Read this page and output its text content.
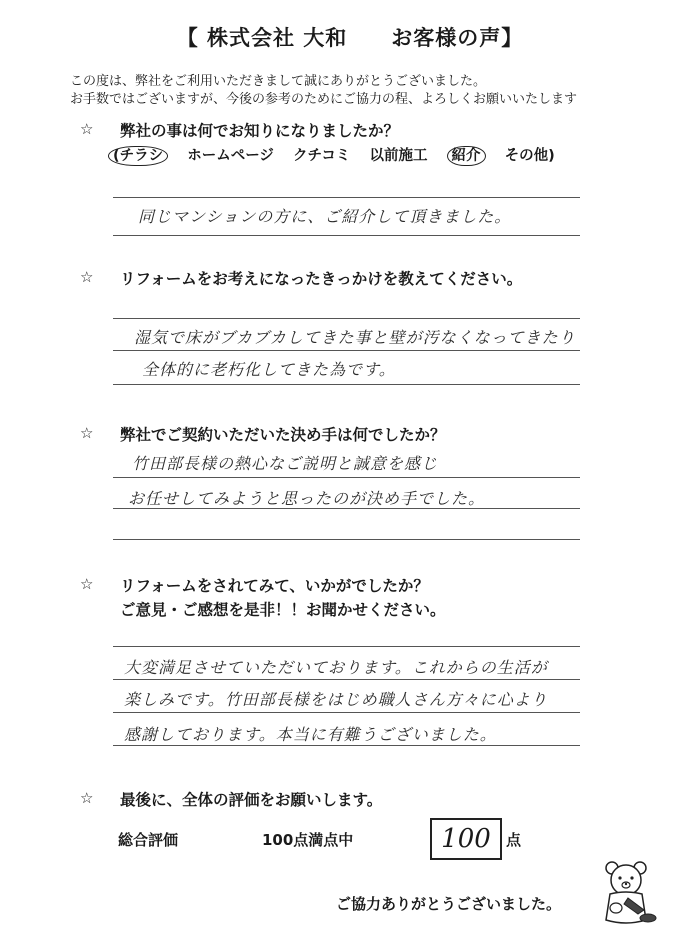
【 株式会社 大和　　お客様の声】
この度は、弊社をご利用いただきまして誠にありがとうございました。
お手数ではございますが、今後の参考のためにご協力の程、よろしくお願いいたします
☆ 弊社の事は何でお知りになりましたか？
(チラシ ホームページ クチコミ 以前施工 紹介 その他)
同じマンションの方に、ご紹介して頂きました。
☆ リフォームをお考えになったきっかけを教えてください。
湿気で床がブカブカしてきた事と壁が汚なくなってきたり
全体的に老朽化してきた為です。
☆ 弊社でご契約いただいた決め手は何でしたか？
竹田部長様の熱心なご説明と誠意を感じ
お任せしてみようと思ったのが決め手でした。
☆ リフォームをされてみて、いかがでしたか？
ご意見・ご感想を是非！！お聞かせください。
大変満足させていただいております。これからの生活が
楽しみです。竹田部長様をはじめ職人さん方々に心より
感謝しております。本当に有難うございました。
☆ 最後に、全体の評価をお願いします。
総合評価	100点満点中	100	点
ご協力ありがとうございました。
